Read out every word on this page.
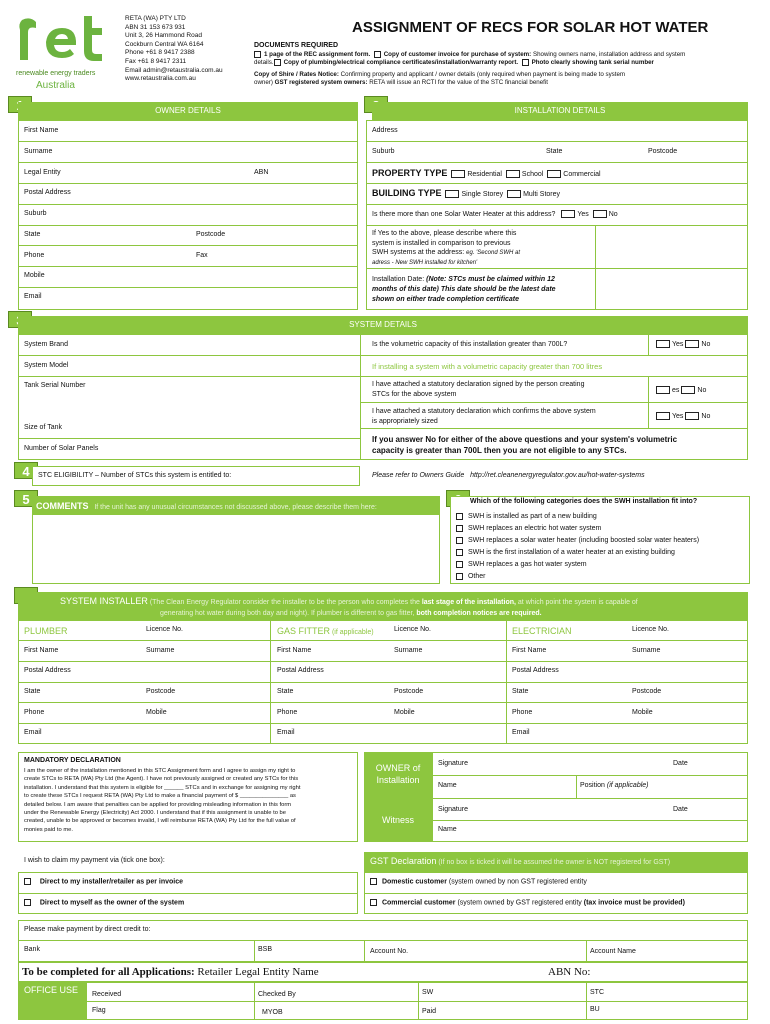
renewable energy traders
Australia
RETA (WA) PTY LTD
ABN 31 153 673 931
Unit 3, 26 Hammond Road
Cockburn Central WA 6164
Phone +61 8 9417 2388
Fax +61 8 9417 2311
Email admin@retaustralia.com.au
www.retaustralia.com.au
ASSIGNMENT OF RECS FOR SOLAR HOT WATER
DOCUMENTS REQUIRED
1 page of the REC assignment form. Copy of customer invoice for purchase of system: Showing owners name, installation address and system
details. Copy of plumbing/electrical compliance certificates/installation/warranty report. Photo clearly showing tank serial number
Copy of Shire / Rates Notice: Confirming property and applicant / owner details (only required when payment is being made to system
owner) GST registered system owners: RETA will issue an RCTI for the value of the STC financial benefit
OWNER DETAILS	INSTALLATION DETAILS
First Name
Surname
Legal Entity	ABN
Postal Address
Suburb
State	Postcode
Phone	Fax
Mobile
Email
Address
Suburb	State	Postcode
PROPERTY TYPE	Residential	School	Commercial
BUILDING TYPE	Single Storey	Multi Storey
Is there more than one Solar Water Heater at this address?	Yes	No
If Yes to the above, please describe where this
system is installed in comparison to previous
SWH systems at the address: eg. 'Second SWH at
adress - New SWH installed for kitchen'
Installation Date: (Note: STCs must be claimed within 12
months of this date) This date should be the latest date
shown on either trade completion certificate
SYSTEM DETAILS
System Brand
System Model
Tank Serial Number
Size of Tank
Number of Solar Panels
Is the volumetric capacity of this installation greater than 700L?	Yes	No
If installing a system with a volumetric capacity greater than 700 litres
I have attached a statutory declaration signed by the person creating
STCs for the above system
es	No
I have attached a statutory declaration which confirms the above system
is appropriately sized
Yes	No
If you answer No for either of the above questions and your system's volumetric
capacity is greater than 700L then you are not eligible to any STCs.
4	STC ELIGIBILITY – Number of STCs this system is entitled to:	Please refer to Owners Guide http://ret.cleanenergyregulator.gov.au/hot-water-systems
5 COMMENTS If the unit has any unusual circumstances not discussed above, please describe them here:
Which of the following categories does the SWH installation fit into?
SWH is installed as part of a new building
SWH replaces an electric hot water system
SWH replaces a solar water heater (including boosted solar water heaters)
SWH is the first installation of a water heater at an existing building
SWH replaces a gas hot water system
Other
SYSTEM INSTALLER (The Clean Energy Regulator consider the installer to be the person who completes the last stage of the installation, at which point the system is capable of
generating hot water during both day and night). If plumber is different to gas fitter, both completion notices are required.
PLUMBER	Licence No.
First Name	Surname
Postal Address
State	Postcode
Phone	Mobile
Email
GAS FITTER (if applicable)	Licence No.
First Name	Surname
Postal Address
State	Postcode
Phone	Mobile
Email
ELECTRICIAN	Licence No.
First Name	Surname
Postal Address
State	Postcode
Phone	Mobile
Email
MANDATORY DECLARATION
I am the owner of the installation mentioned in this STC Assignment form and I agree to assign my right to
create STCs to RETA (WA) Pty Ltd (the Agent). I have not previously assigned or created any STCs for this
installation. I understand that this system is eligible for ______ STCs and in exchange for assigning my right
to create these STCs I request RETA (WA) Pty Ltd to make a financial payment of $ _______________ as
detailed below. I am aware that penalties can be applied for providing misleading information in this form
under the Renewable Energy (Electricity) Act 2000. I understand that if this assignment is unable to be
created, unable to be approved or becomes invalid, I will reimburse RETA (WA) Pty Ltd for the full value of
monies paid to me.
OWNER of
Installation
Witness
Signature	Date
Name	Position (if applicable)
Signature	Date
Name
I wish to claim my payment via (tick one box):
Direct to my installer/retailer as per invoice
Direct to myself as the owner of the system
GST Declaration (If no box is ticked it will be assumed the owner is NOT registered for GST)
Domestic customer (system owned by non GST registered entity
Commercial customer (system owned by GST registered entity (tax invoice must be provided)
Please make payment by direct credit to:
Bank	BSB	Account No.	Account Name
To be completed for all Applications: Retailer Legal Entity Name	ABN No:
OFFICE USE Received	Checked By	SW	STC
Flag	MYOB	Paid	BU
